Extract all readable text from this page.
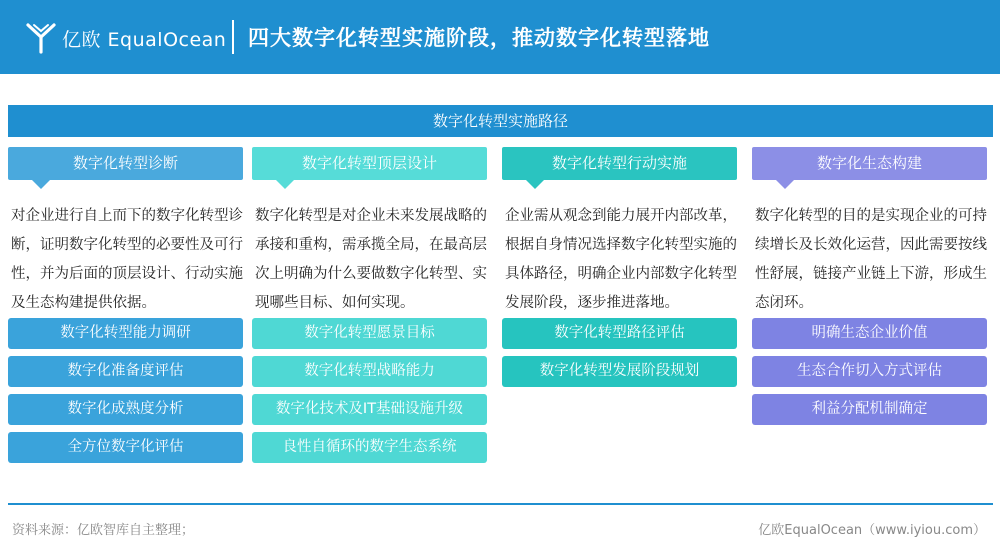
亿欧 EqualOcean 四大数字化转型实施阶段，推动数字化转型落地
数字化转型实施路径
数字化转型诊断
对企业进行自上而下的数字化转型诊断，证明数字化转型的必要性及可行性，并为后面的顶层设计、行动实施及生态构建提供依据。
数字化转型能力调研
数字化准备度评估
数字化成熟度分析
全方位数字化评估
数字化转型顶层设计
数字化转型是对企业未来发展战略的承接和重构，需承揽全局，在最高层次上明确为什么要做数字化转型、实现哪些目标、如何实现。
数字化转型愿景目标
数字化转型战略能力
数字化技术及IT基础设施升级
良性自循环的数字生态系统
数字化转型行动实施
企业需从观念到能力展开内部改革，根据自身情况选择数字化转型实施的具体路径，明确企业内部数字化转型发展阶段，逐步推进落地。
数字化转型路径评估
数字化转型发展阶段规划
数字化生态构建
数字化转型的目的是实现企业的可持续增长及长效化运营，因此需要按线性舒展，链接产业链上下游，形成生态闭环。
明确生态企业价值
生态合作切入方式评估
利益分配机制确定
资料来源：亿欧智库自主整理；	亿欧EqualOcean（www.iyiou.com）
